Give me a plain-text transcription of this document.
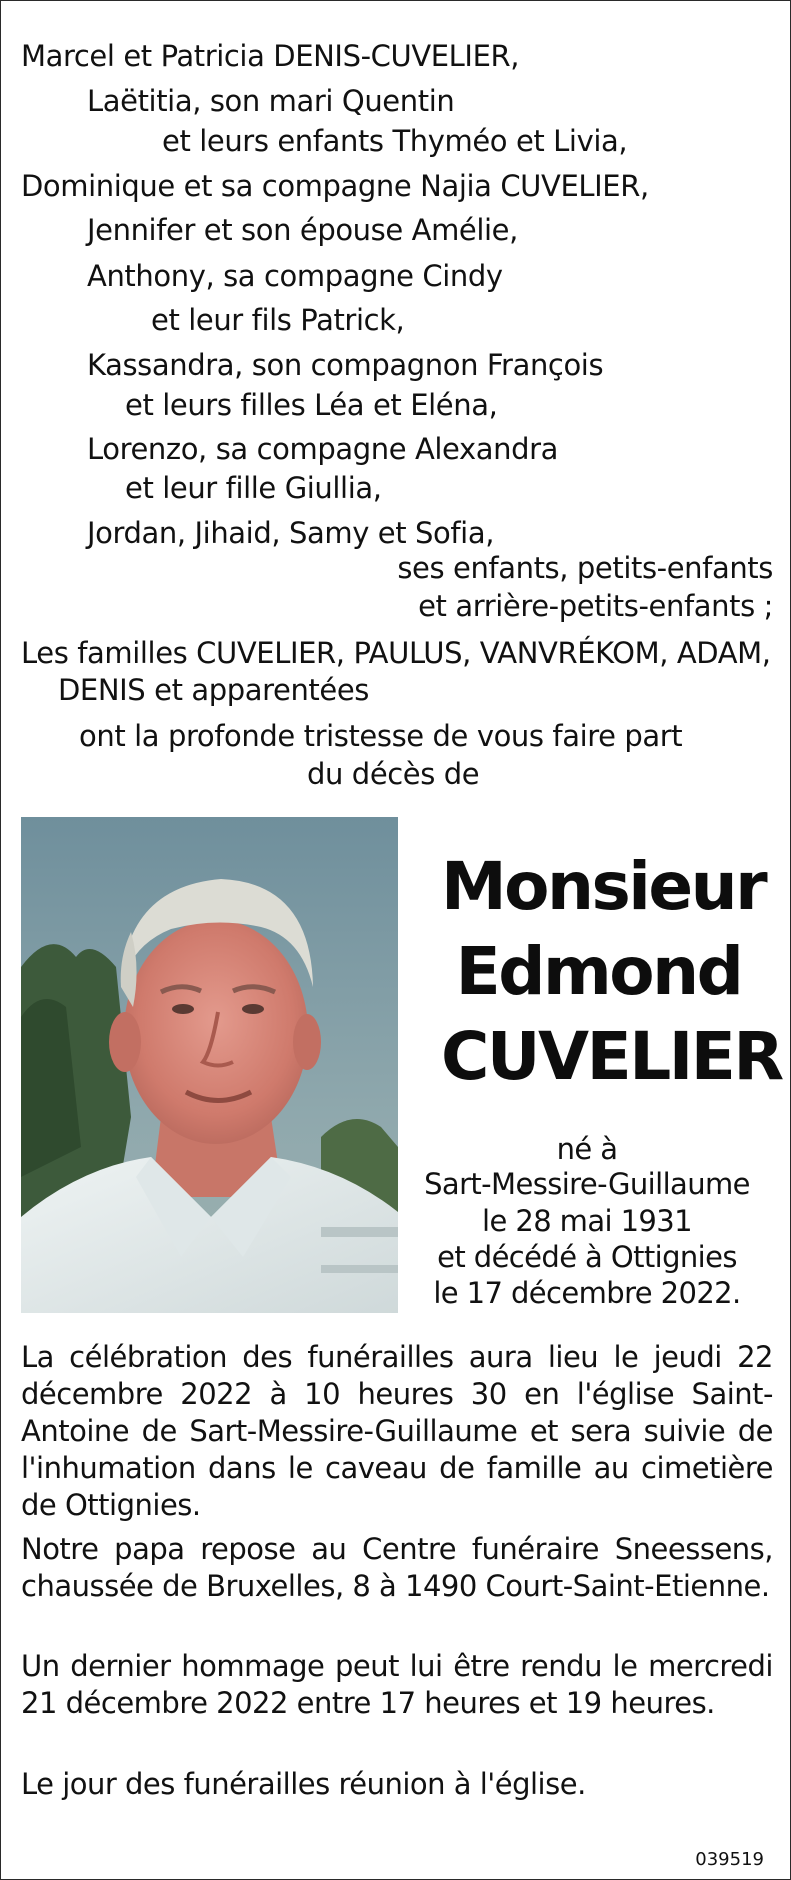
Marcel et Patricia DENIS-CUVELIER,
Laëtitia, son mari Quentin
et leurs enfants Thyméo et Livia,
Dominique et sa compagne Najia CUVELIER,
Jennifer et son épouse Amélie,
Anthony, sa compagne Cindy
et leur fils Patrick,
Kassandra, son compagnon François
et leurs filles Léa et Eléna,
Lorenzo, sa compagne Alexandra
et leur fille Giullia,
Jordan, Jihaid, Samy et Sofia,
ses enfants, petits-enfants
et arrière-petits-enfants ;
Les familles CUVELIER, PAULUS, VANVRÉKOM, ADAM,
DENIS et apparentées
ont la profonde tristesse de vous faire part
du décès de
Monsieur
Edmond
CUVELIER
né à
Sart-Messire-Guillaume
le 28 mai 1931
et décédé à Ottignies
le 17 décembre 2022.
La célébration des funérailles aura lieu le jeudi 22 décembre 2022 à 10 heures 30 en l'église Saint-Antoine de Sart-Messire-Guillaume et sera suivie de l'inhumation dans le caveau de famille au cimetière de Ottignies.
Notre papa repose au Centre funéraire Sneessens, chaussée de Bruxelles, 8 à 1490 Court-Saint-Etienne.
Un dernier hommage peut lui être rendu le mercredi 21 décembre 2022 entre 17 heures et 19 heures.
Le jour des funérailles réunion à l'église.
039519
